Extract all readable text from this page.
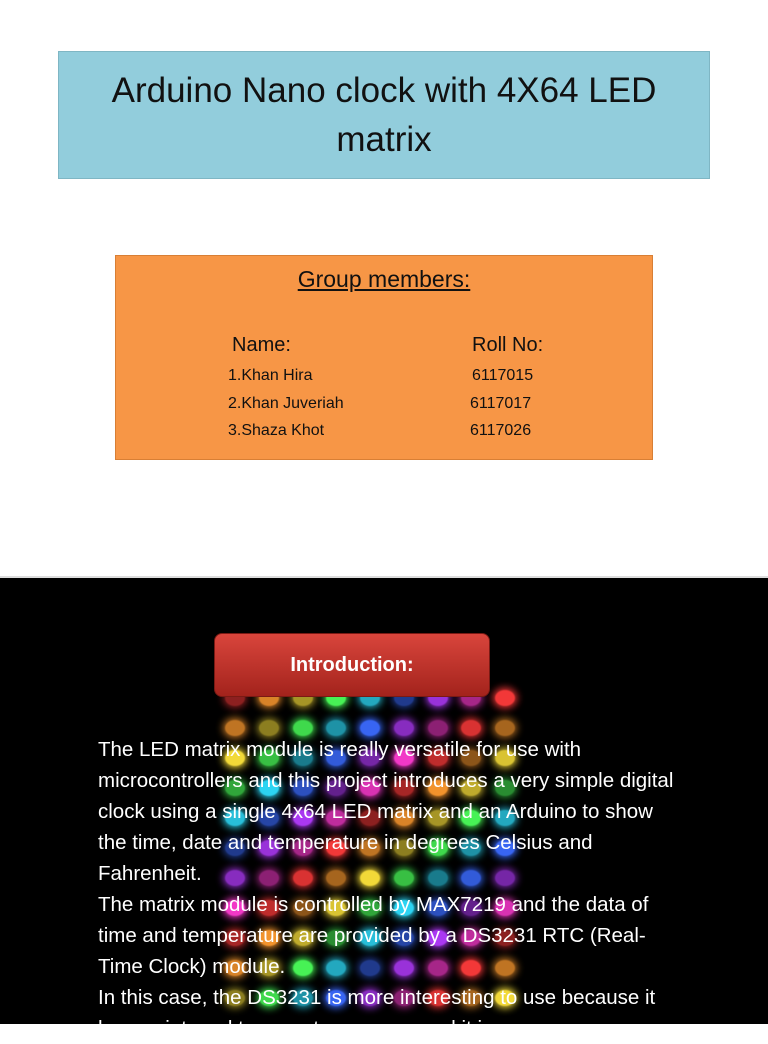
Arduino Nano clock with 4X64 LED matrix
Group members:
Name:	Roll No:
1.Khan Hira	6117015
2.Khan Juveriah	6117017
3.Shaza Khot	6117026
Introduction:
The LED matrix module is really versatile for use with microcontrollers and this project introduces a very simple digital clock using a single 4x64 LED matrix and an Arduino to show the time, date and temperature in degrees Celsius and Fahrenheit.
The matrix module is controlled by MAX7219 and the data of time and temperature are provided by a DS3231 RTC (Real-Time Clock) module.
In this case, the DS3231 is more interesting to use because it has an internal temperature sensor and it is
